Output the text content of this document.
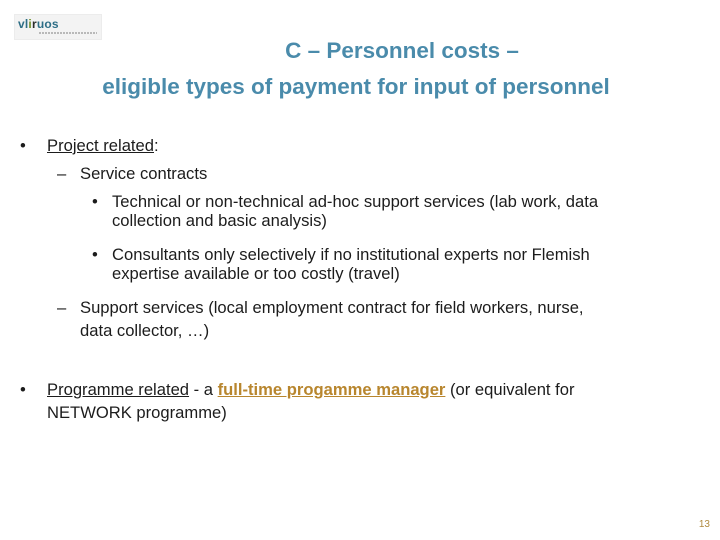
vliruos
C – Personnel costs –
eligible types of payment for input of personnel
• Project related:
– Service contracts
• Technical or non-technical ad-hoc support services (lab work, data
collection and basic analysis)
• Consultants only selectively if no institutional experts nor Flemish
expertise available or too costly (travel)
– Support services (local employment contract for field workers, nurse,
data collector, …)
• Programme related - a full-time progamme manager (or equivalent for
NETWORK programme)
13
